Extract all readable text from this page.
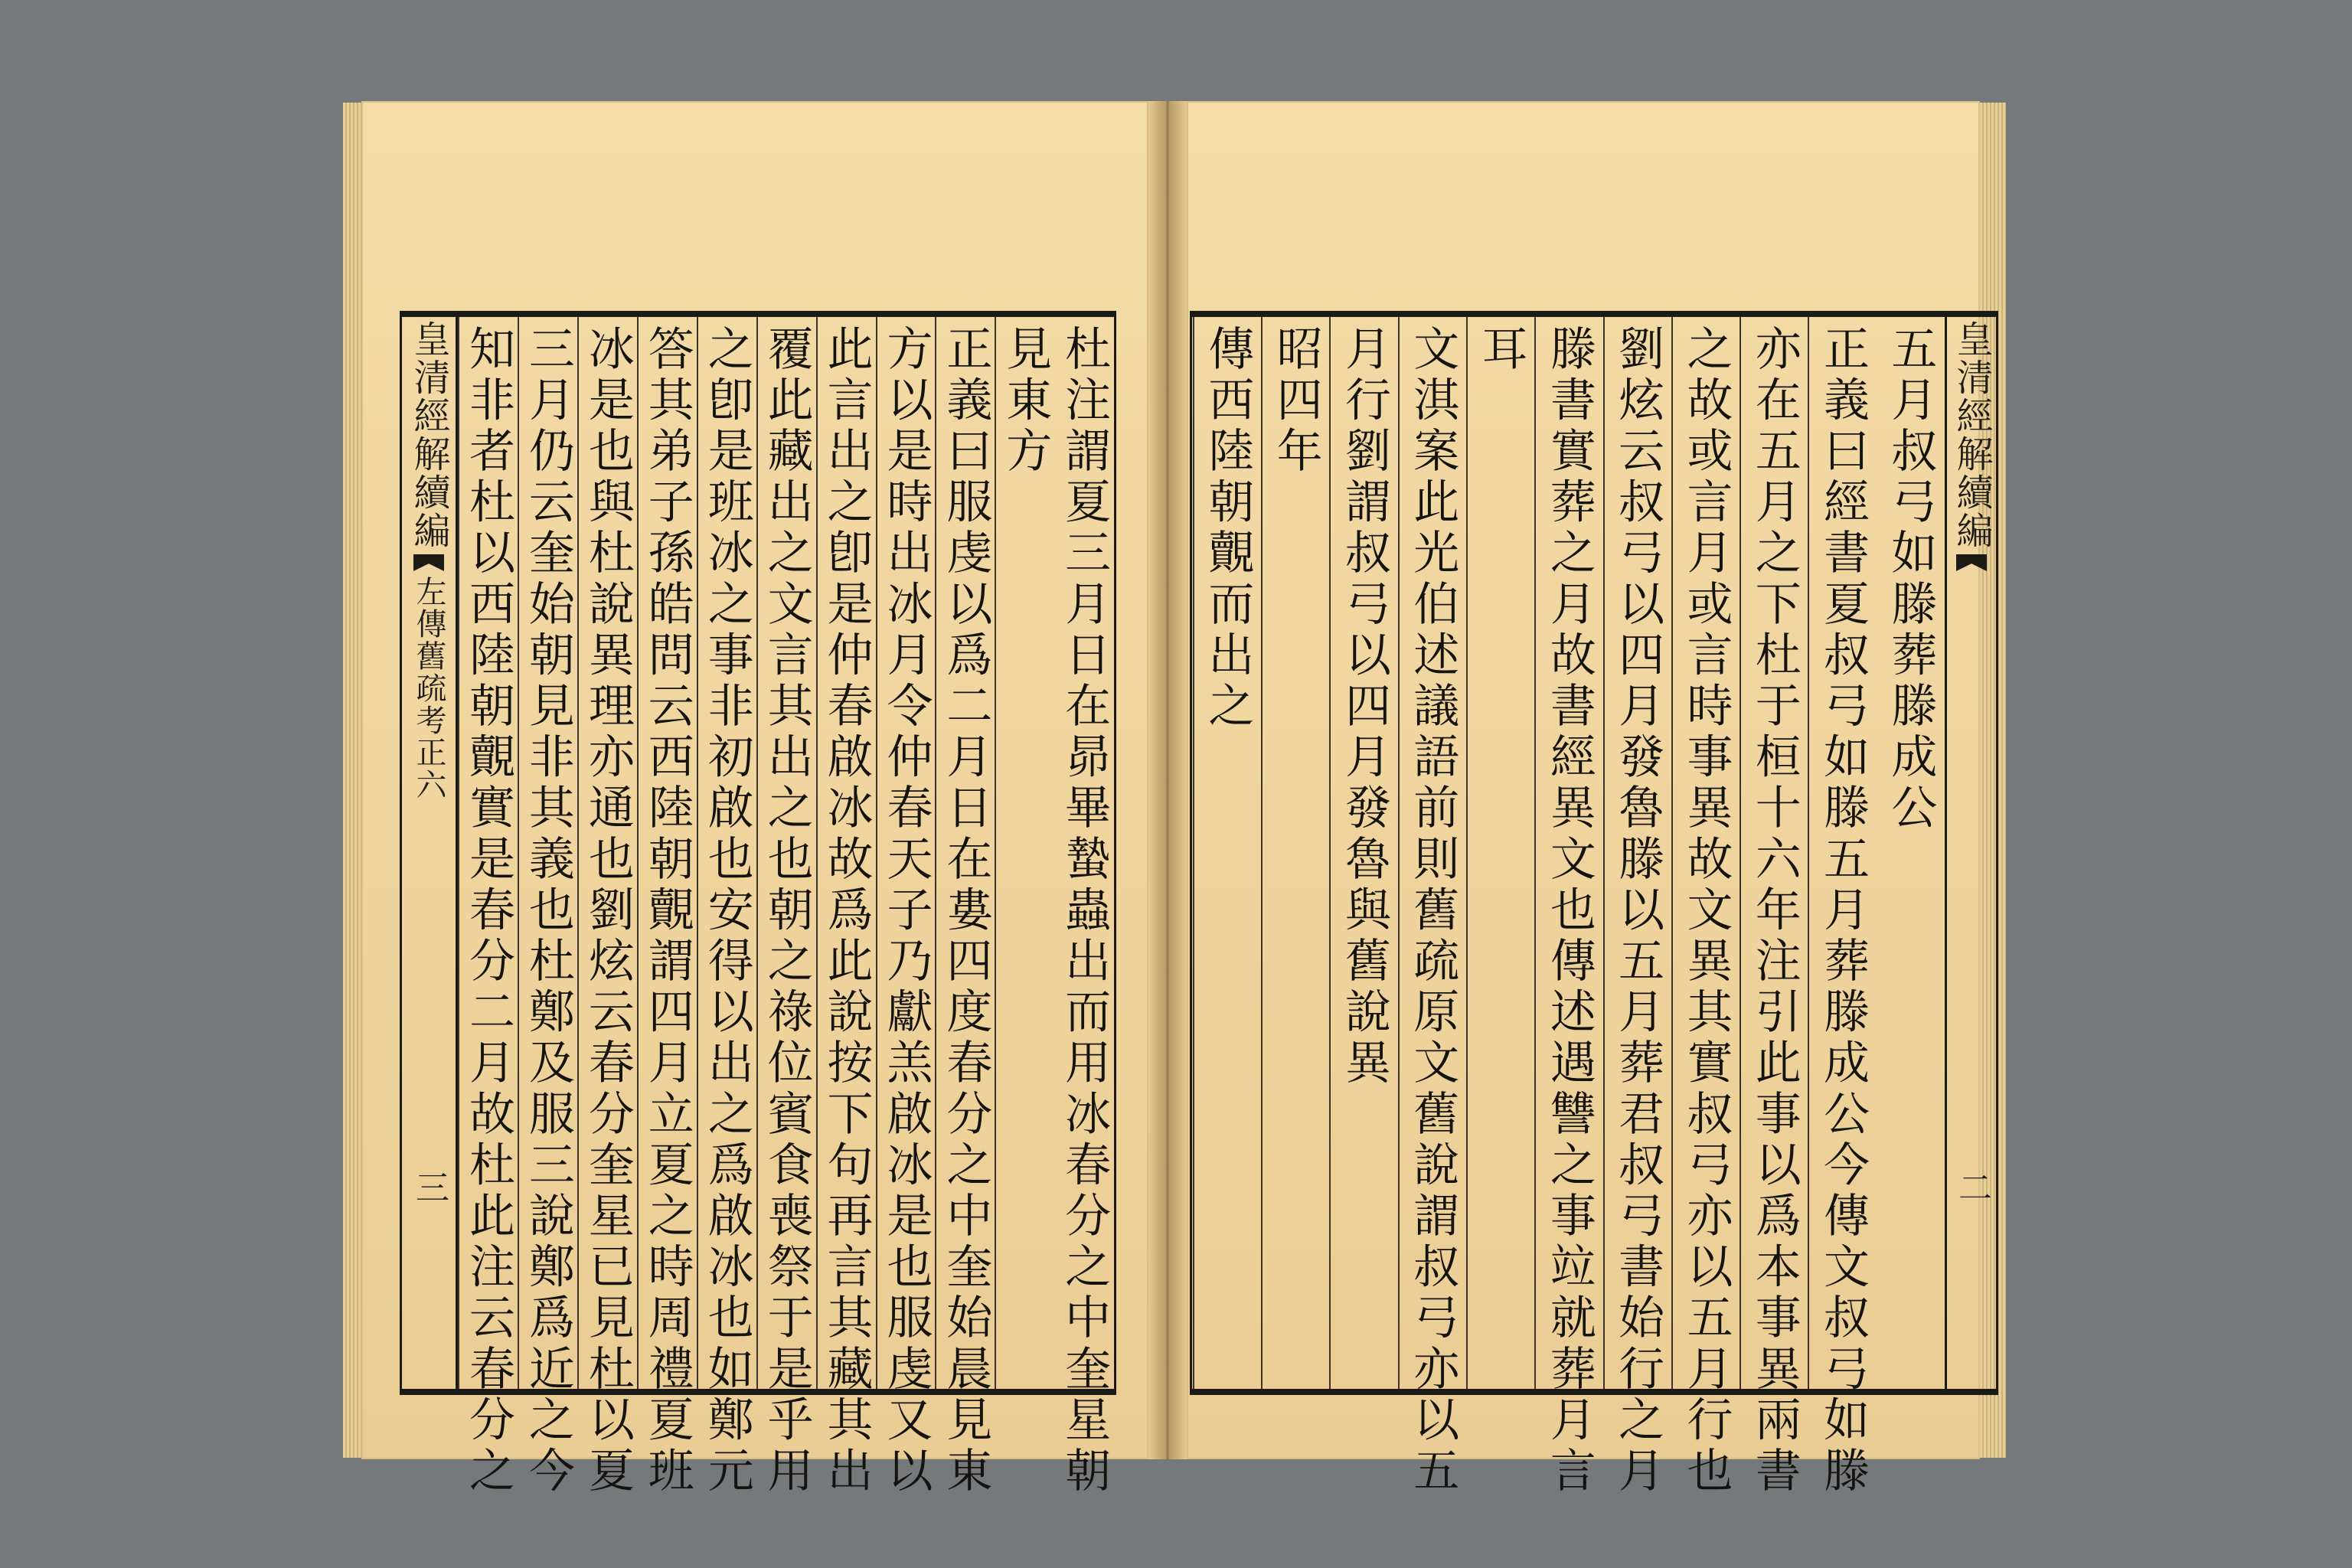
皇清經解續編
左傳舊疏考正六
三	杜注謂夏三月日在昴畢蟄蟲出而用冰春分之中奎星朝
見東方
正義曰服虔以爲二月日在婁四度春分之中奎始晨見東
方以是時出冰月令仲春天子乃獻羔啟冰是也服虔又以
此言出之卽是仲春啟冰故爲此說按下句再言其藏其出
覆此藏出之文言其出之也朝之祿位賓食喪祭于是乎用
之卽是班冰之事非初啟也安得以出之爲啟冰也如鄭元
答其弟子孫皓問云西陸朝覿謂四月立夏之時周禮夏班
冰是也與杜說異理亦通也劉炫云春分奎星已見杜以夏
三月仍云奎始朝見非其義也杜鄭及服三說鄭爲近之今
知非者杜以西陸朝覿實是春分二月故杜此注云春分之	五月叔弓如滕葬滕成公
正義曰經書夏叔弓如滕五月葬滕成公今傳文叔弓如滕
亦在五月之下杜于桓十六年注引此事以爲本事異兩書
之故或言月或言時事異故文異其實叔弓亦以五月行也
劉炫云叔弓以四月發魯滕以五月葬君叔弓書始行之月
滕書實葬之月故書經異文也傳述遇讐之事竝就葬月言
耳
文淇案此光伯述議語前則舊疏原文舊說謂叔弓亦以五
月行劉謂叔弓以四月發魯與舊說異
昭四年
傳西陸朝覿而出之	皇清經解續編
二
